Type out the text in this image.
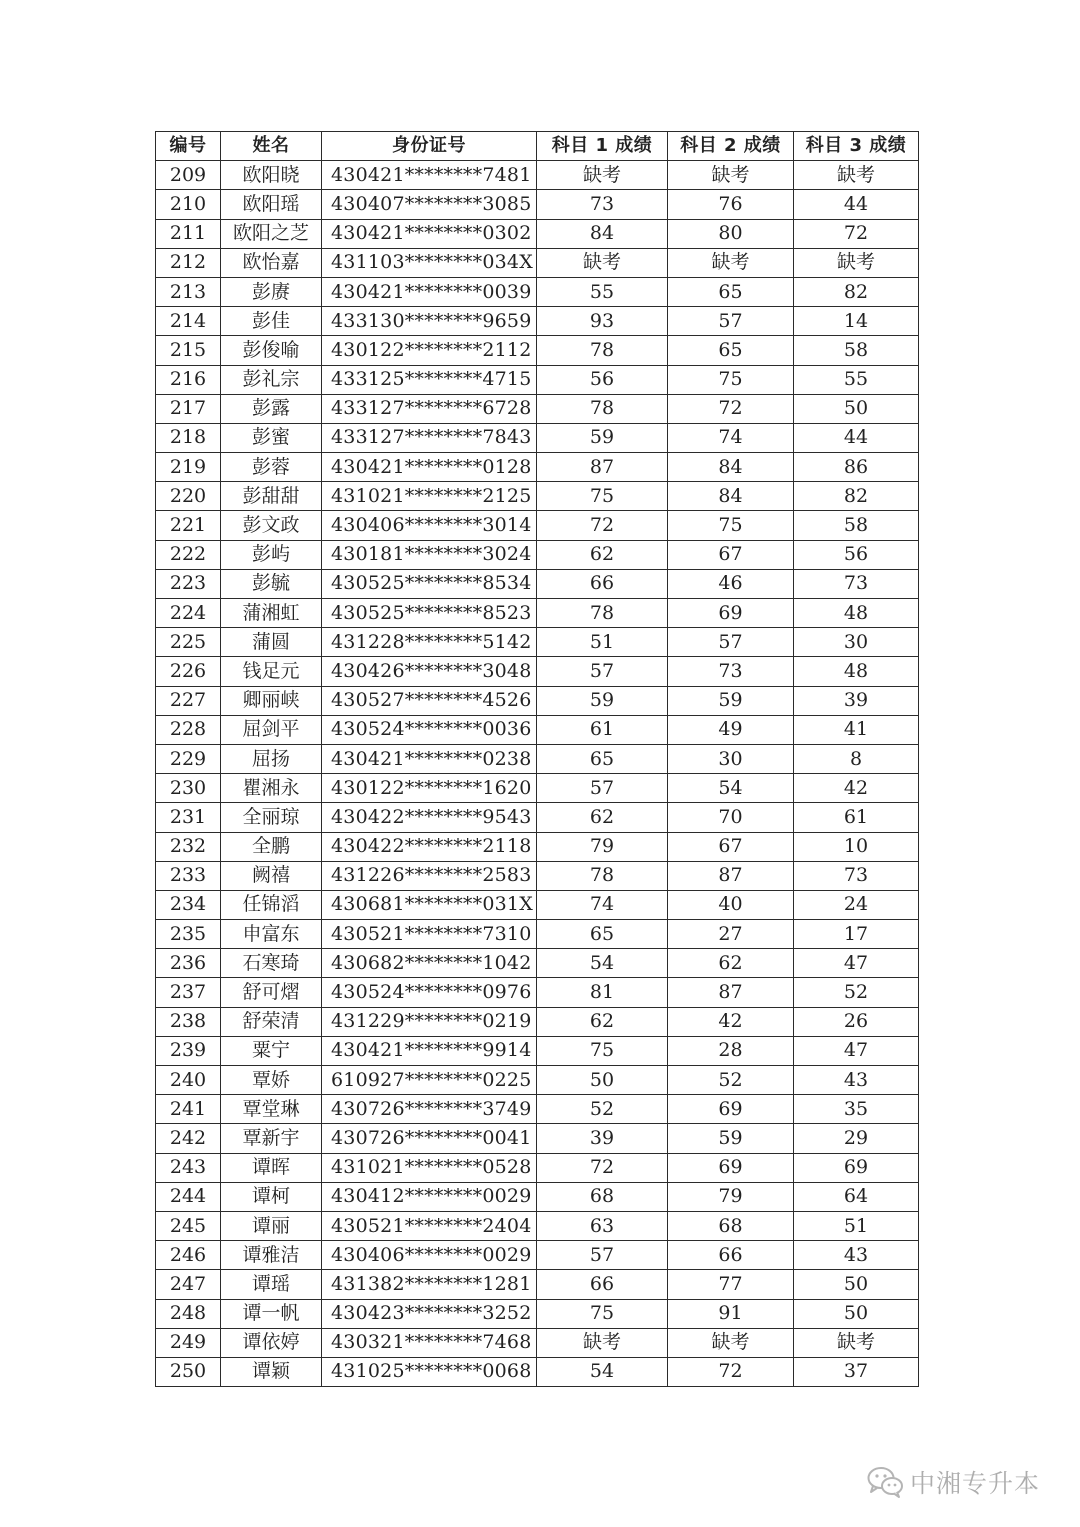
编号	姓名	身份证号	科目 1 成绩	科目 2 成绩	科目 3 成绩
209	欧阳晓	430421********7481	缺考	缺考	缺考
210	欧阳瑶	430407********3085	73	76	44
211	欧阳之芝	430421********0302	84	80	72
212	欧怡嘉	431103********034X	缺考	缺考	缺考
213	彭赓	430421********0039	55	65	82
214	彭佳	433130********9659	93	57	14
215	彭俊喻	430122********2112	78	65	58
216	彭礼宗	433125********4715	56	75	55
217	彭露	433127********6728	78	72	50
218	彭蜜	433127********7843	59	74	44
219	彭蓉	430421********0128	87	84	86
220	彭甜甜	431021********2125	75	84	82
221	彭文政	430406********3014	72	75	58
222	彭屿	430181********3024	62	67	56
223	彭毓	430525********8534	66	46	73
224	蒲湘虹	430525********8523	78	69	48
225	蒲圆	431228********5142	51	57	30
226	钱足元	430426********3048	57	73	48
227	卿丽峡	430527********4526	59	59	39
228	屈剑平	430524********0036	61	49	41
229	屈扬	430421********0238	65	30	8
230	瞿湘永	430122********1620	57	54	42
231	全丽琼	430422********9543	62	70	61
232	全鹏	430422********2118	79	67	10
233	阙禧	431226********2583	78	87	73
234	任锦滔	430681********031X	74	40	24
235	申富东	430521********7310	65	27	17
236	石寒琦	430682********1042	54	62	47
237	舒可熠	430524********0976	81	87	52
238	舒荣清	431229********0219	62	42	26
239	粟宁	430421********9914	75	28	47
240	覃娇	610927********0225	50	52	43
241	覃堂琳	430726********3749	52	69	35
242	覃新宇	430726********0041	39	59	29
243	谭晖	431021********0528	72	69	69
244	谭柯	430412********0029	68	79	64
245	谭丽	430521********2404	63	68	51
246	谭雅洁	430406********0029	57	66	43
247	谭瑶	431382********1281	66	77	50
248	谭一帆	430423********3252	75	91	50
249	谭依婷	430321********7468	缺考	缺考	缺考
250	谭颖	431025********0068	54	72	37
中湘专升本
